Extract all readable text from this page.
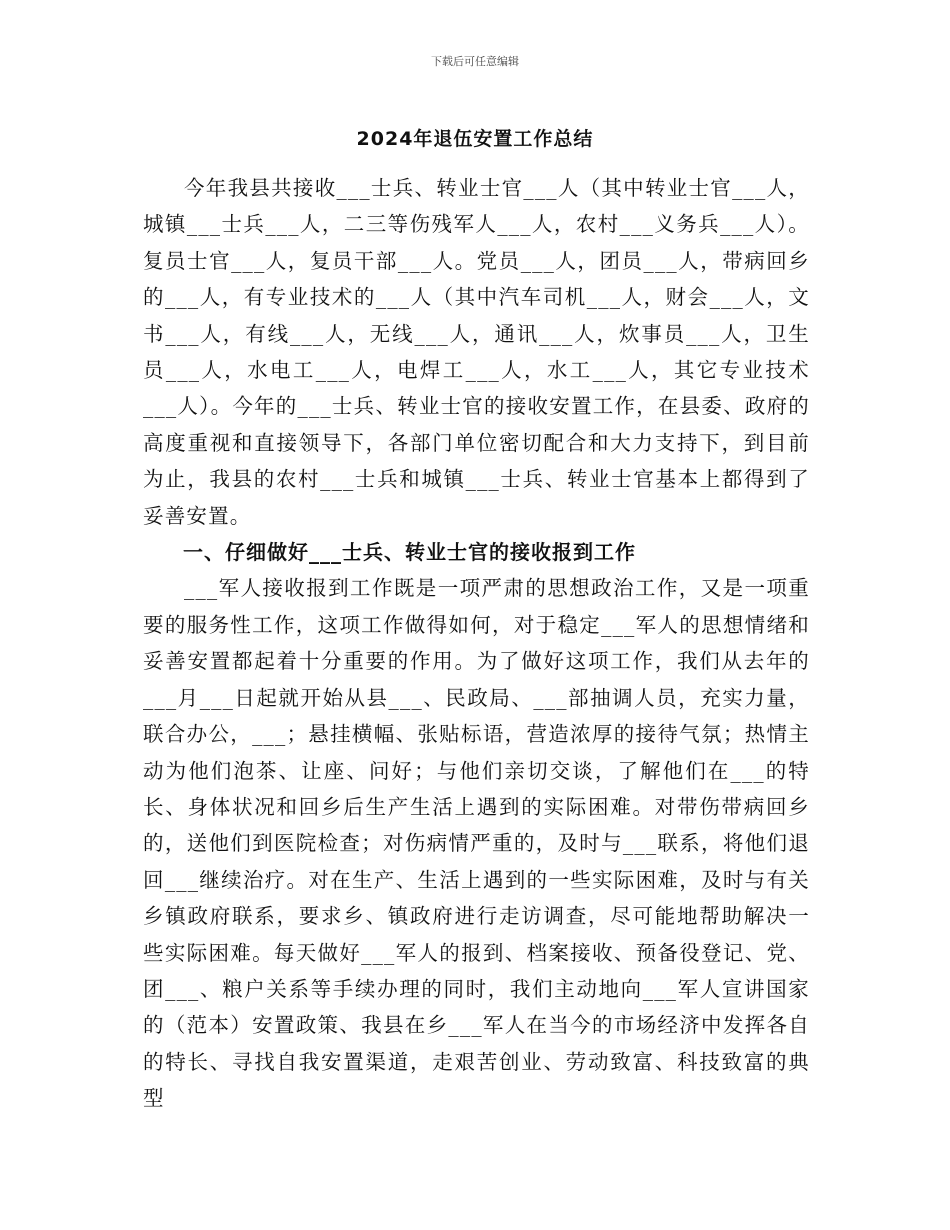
下载后可任意编辑
2024年退伍安置工作总结

今年我县共接收___士兵、转业士官___人（其中转业士官___人，城镇___士兵___人，二三等伤残军人___人，农村___义务兵___人）。复员士官___人，复员干部___人。党员___人，团员___人，带病回乡的___人，有专业技术的___人（其中汽车司机___人，财会___人，文书___人，有线___人，无线___人，通讯___人，炊事员___人，卫生员___人，水电工___人，电焊工___人，水工___人，其它专业技术___人）。今年的___士兵、转业士官的接收安置工作，在县委、政府的高度重视和直接领导下，各部门单位密切配合和大力支持下，到目前为止，我县的农村___士兵和城镇___士兵、转业士官基本上都得到了妥善安置。

一、仔细做好___士兵、转业士官的接收报到工作

___军人接收报到工作既是一项严肃的思想政治工作，又是一项重要的服务性工作，这项工作做得如何，对于稳定___军人的思想情绪和妥善安置都起着十分重要的作用。为了做好这项工作，我们从去年的___月___日起就开始从县___、民政局、___部抽调人员，充实力量，联合办公，___；悬挂横幅、张贴标语，营造浓厚的接待气氛；热情主动为他们泡茶、让座、问好；与他们亲切交谈，了解他们在___的特长、身体状况和回乡后生产生活上遇到的实际困难。对带伤带病回乡的，送他们到医院检查；对伤病情严重的，及时与___联系，将他们退回___继续治疗。对在生产、生活上遇到的一些实际困难，及时与有关乡镇政府联系，要求乡、镇政府进行走访调查，尽可能地帮助解决一些实际困难。每天做好___军人的报到、档案接收、预备役登记、党、团___、粮户关系等手续办理的同时，我们主动地向___军人宣讲国家的（范本）安置政策、我县在乡___军人在当今的市场经济中发挥各自的特长、寻找自我安置渠道，走艰苦创业、劳动致富、科技致富的典型
